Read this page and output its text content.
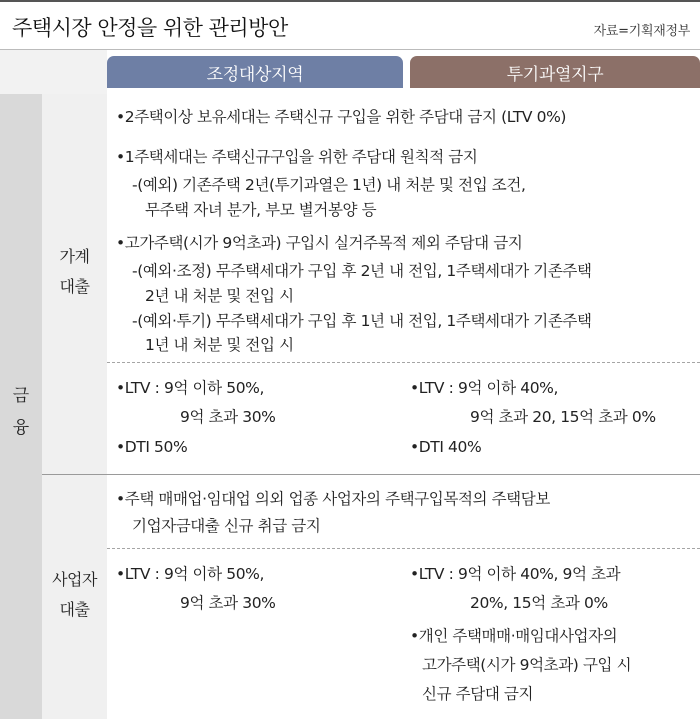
주택시장 안정을 위한 관리방안	자료=기획재정부
조정대상지역	투기과열지구
금
융
가계
대출
사업자
대출
•2주택이상 보유세대는 주택신규 구입을 위한 주담대 금지 (LTV 0%)
•1주택세대는 주택신규구입을 위한 주담대 원칙적 금지
-(예외) 기존주택 2년(투기과열은 1년) 내 처분 및 전입 조건,
무주택 자녀 분가, 부모 별거봉양 등
•고가주택(시가 9억초과) 구입시 실거주목적 제외 주담대 금지
-(예외·조정) 무주택세대가 구입 후 2년 내 전입, 1주택세대가 기존주택
2년 내 처분 및 전입 시
-(예외·투기) 무주택세대가 구입 후 1년 내 전입, 1주택세대가 기존주택
1년 내 처분 및 전입 시
•LTV : 9억 이하 50%,
9억 초과 30%
•DTI 50%
•LTV : 9억 이하 40%,
9억 초과 20, 15억 초과 0%
•DTI 40%
•주택 매매업·임대업 의외 업종 사업자의 주택구입목적의 주택담보
기업자금대출 신규 취급 금지
•LTV : 9억 이하 50%,
9억 초과 30%
•LTV : 9억 이하 40%, 9억 초과
20%, 15억 초과 0%
•개인 주택매매·매임대사업자의
고가주택(시가 9억초과) 구입 시
신규 주담대 금지
